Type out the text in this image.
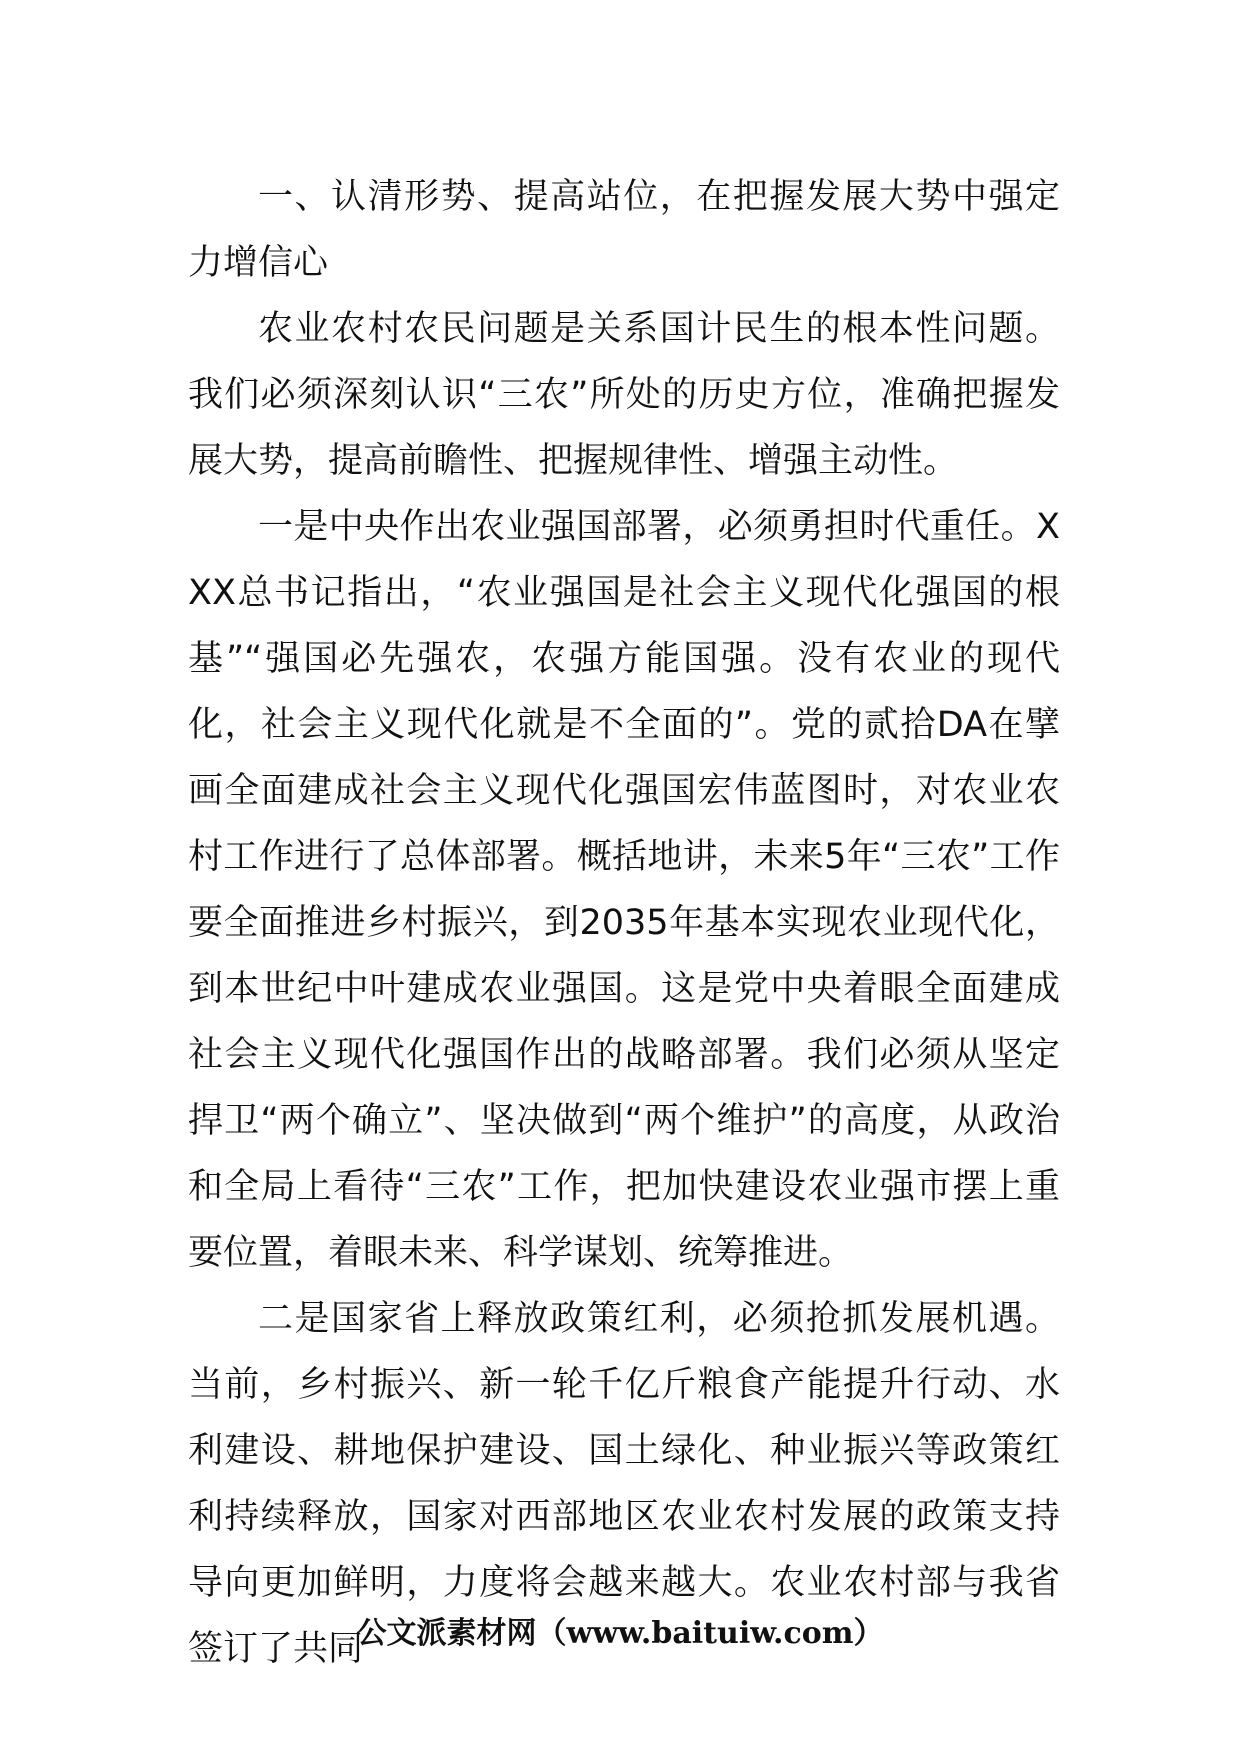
一、认清形势、提高站位，在把握发展大势中强定力增信心

农业农村农民问题是关系国计民生的根本性问题。我们必须深刻认识“三农”所处的历史方位，准确把握发展大势，提高前瞻性、把握规律性、增强主动性。

一是中央作出农业强国部署，必须勇担时代重任。XXX总书记指出，“农业强国是社会主义现代化强国的根基”“强国必先强农，农强方能国强。没有农业的现代化，社会主义现代化就是不全面的”。党的贰拾DA在擘画全面建成社会主义现代化强国宏伟蓝图时，对农业农村工作进行了总体部署。概括地讲，未来5年“三农”工作要全面推进乡村振兴，到2035年基本实现农业现代化，到本世纪中叶建成农业强国。这是党中央着眼全面建成社会主义现代化强国作出的战略部署。我们必须从坚定捍卫“两个确立”、坚决做到“两个维护”的高度，从政治和全局上看待“三农”工作，把加快建设农业强市摆上重要位置，着眼未来、科学谋划、统筹推进。

二是国家省上释放政策红利，必须抢抓发展机遇。当前，乡村振兴、新一轮千亿斤粮食产能提升行动、水利建设、耕地保护建设、国土绿化、种业振兴等政策红利持续释放，国家对西部地区农业农村发展的政策支持导向更加鲜明，力度将会越来越大。农业农村部与我省签订了共同

公文派素材网（www.baituiw.com）
